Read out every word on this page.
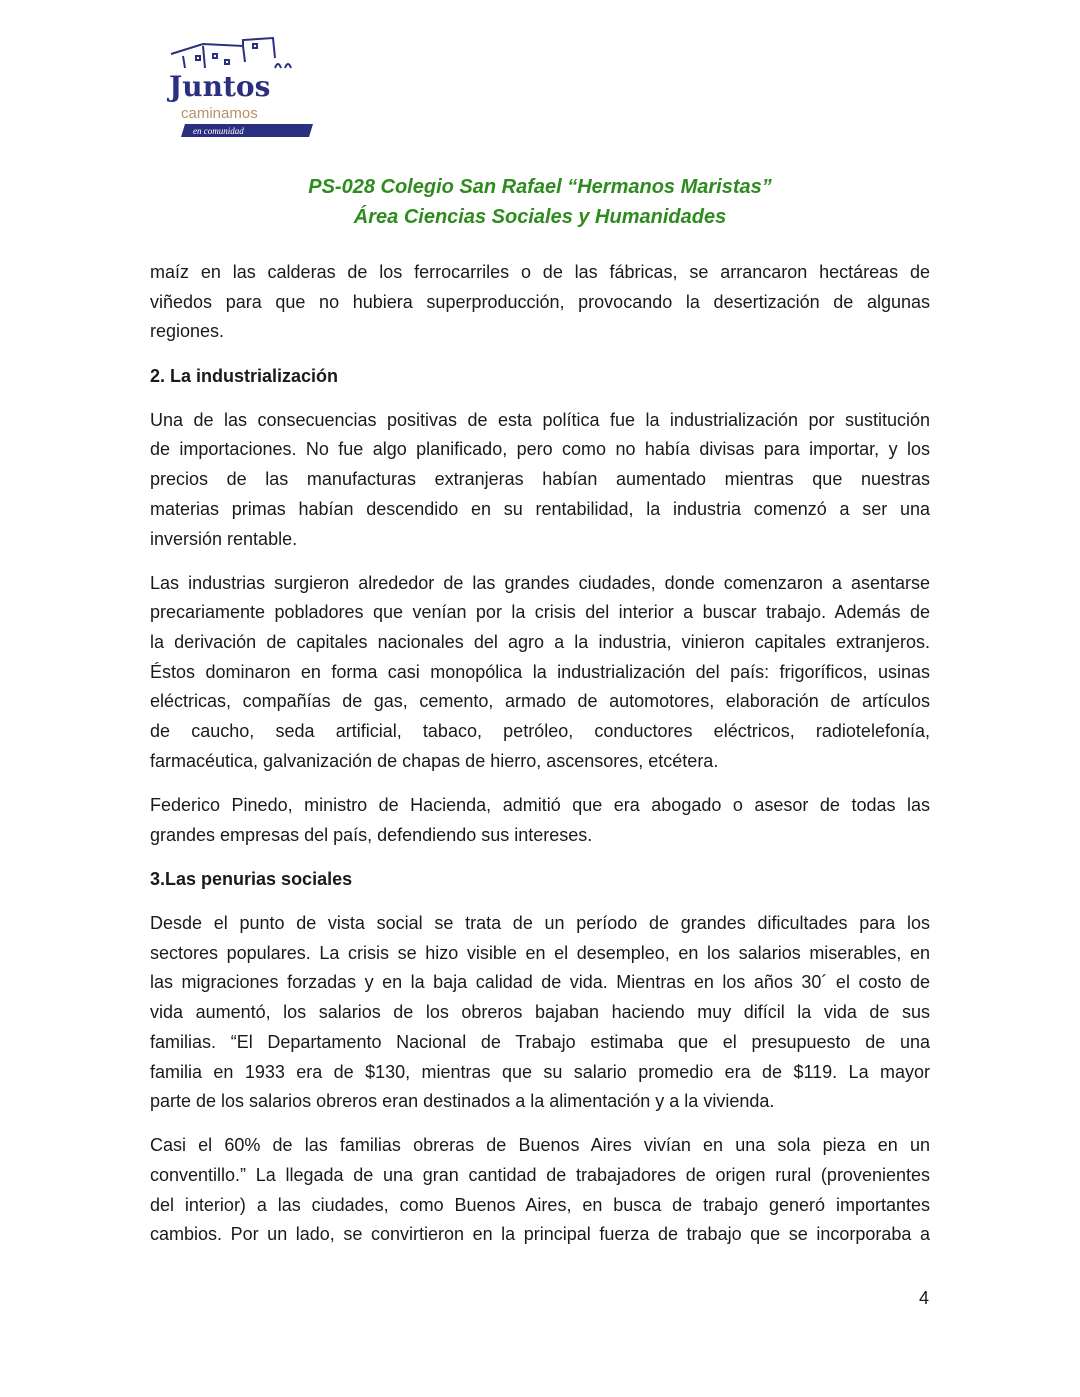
Juntos
caminamos
en comunidad
PS-028 Colegio San Rafael “Hermanos Maristas”
Área Ciencias Sociales y Humanidades
maíz en las calderas de los ferrocarriles o de las fábricas, se arrancaron hectáreas de
viñedos para que no hubiera superproducción, provocando la desertización de algunas
regiones.
2. La industrialización
Una de las consecuencias positivas de esta política fue la industrialización por sustitución
de importaciones. No fue algo planificado, pero como no había divisas para importar, y los
precios de las manufacturas extranjeras habían aumentado mientras que nuestras
materias primas habían descendido en su rentabilidad, la industria comenzó a ser una
inversión rentable.
Las industrias surgieron alrededor de las grandes ciudades, donde comenzaron a asentarse
precariamente pobladores que venían por la crisis del interior a buscar trabajo. Además de
la derivación de capitales nacionales del agro a la industria, vinieron capitales extranjeros.
Éstos dominaron en forma casi monopólica la industrialización del país: frigoríficos, usinas
eléctricas, compañías de gas, cemento, armado de automotores, elaboración de artículos
de caucho, seda artificial, tabaco, petróleo, conductores eléctricos, radiotelefonía,
farmacéutica, galvanización de chapas de hierro, ascensores, etcétera.
Federico Pinedo, ministro de Hacienda, admitió que era abogado o asesor de todas las
grandes empresas del país, defendiendo sus intereses.
3.Las penurias sociales
Desde el punto de vista social se trata de un período de grandes dificultades para los
sectores populares. La crisis se hizo visible en el desempleo, en los salarios miserables, en
las migraciones forzadas y en la baja calidad de vida. Mientras en los años 30´ el costo de
vida aumentó, los salarios de los obreros bajaban haciendo muy difícil la vida de sus
familias. “El Departamento Nacional de Trabajo estimaba que el presupuesto de una
familia en 1933 era de $130, mientras que su salario promedio era de $119. La mayor
parte de los salarios obreros eran destinados a la alimentación y a la vivienda.
Casi el 60% de las familias obreras de Buenos Aires vivían en una sola pieza en un
conventillo.” La llegada de una gran cantidad de trabajadores de origen rural (provenientes
del interior) a las ciudades, como Buenos Aires, en busca de trabajo generó importantes
cambios. Por un lado, se convirtieron en la principal fuerza de trabajo que se incorporaba a
4
